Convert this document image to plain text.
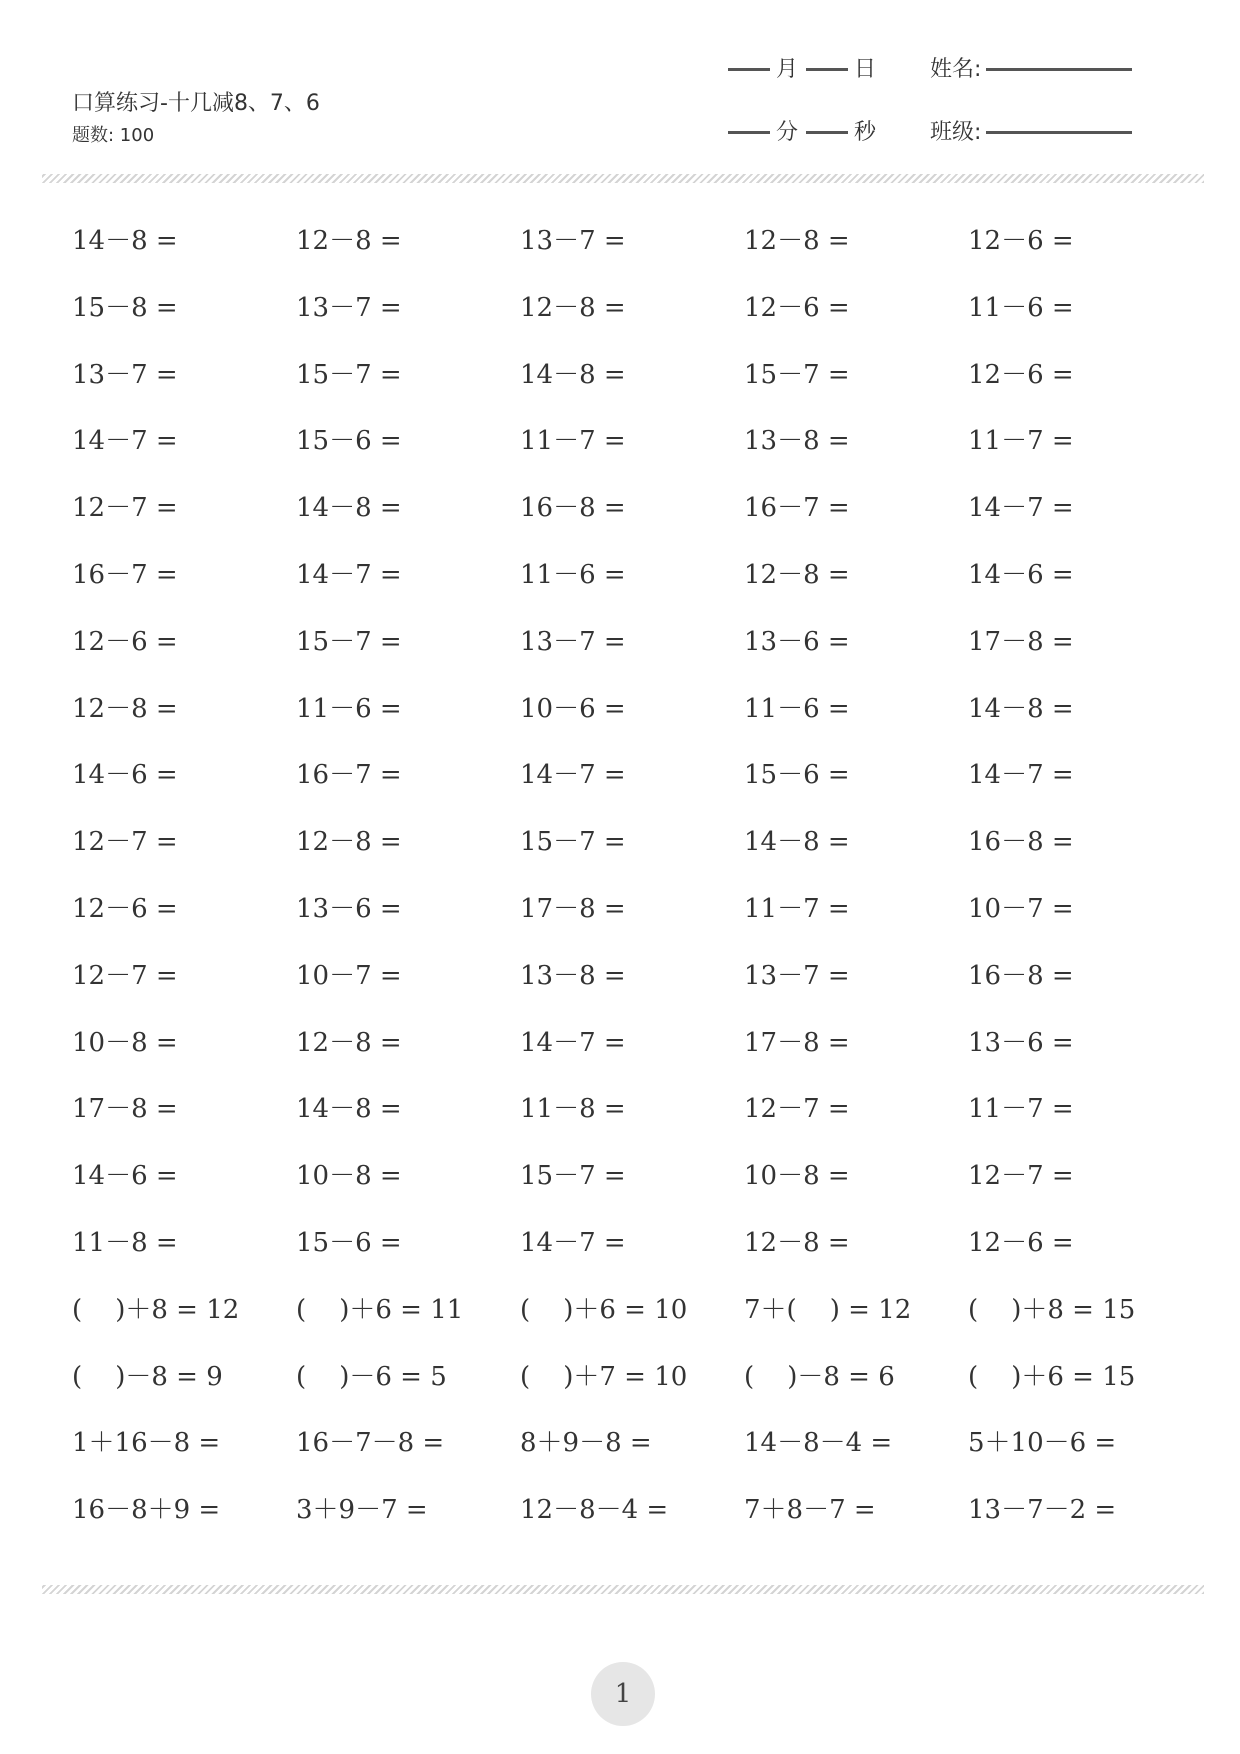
口算练习-十几减8、7、6
题数: 100
月	日 姓名:
分	秒 班级:
14－8 =	12－8 =	13－7 =	12－8 =	12－6 =
15－8 =	13－7 =	12－8 =	12－6 =	11－6 =
13－7 =	15－7 =	14－8 =	15－7 =	12－6 =
14－7 =	15－6 =	11－7 =	13－8 =	11－7 =
12－7 =	14－8 =	16－8 =	16－7 =	14－7 =
16－7 =	14－7 =	11－6 =	12－8 =	14－6 =
12－6 =	15－7 =	13－7 =	13－6 =	17－8 =
12－8 =	11－6 =	10－6 =	11－6 =	14－8 =
14－6 =	16－7 =	14－7 =	15－6 =	14－7 =
12－7 =	12－8 =	15－7 =	14－8 =	16－8 =
12－6 =	13－6 =	17－8 =	11－7 =	10－7 =
12－7 =	10－7 =	13－8 =	13－7 =	16－8 =
10－8 =	12－8 =	14－7 =	17－8 =	13－6 =
17－8 =	14－8 =	11－8 =	12－7 =	11－7 =
14－6 =	10－8 =	15－7 =	10－8 =	12－7 =
11－8 =	15－6 =	14－7 =	12－8 =	12－6 =
(    )＋8 = 12	(    )＋6 = 11	(    )＋6 = 10	7＋(    ) = 12	(    )＋8 = 15
(    )－8 = 9	(    )－6 = 5	(    )＋7 = 10	(    )－8 = 6	(    )＋6 = 15
1＋16－8 =	16－7－8 =	8＋9－8 =	14－8－4 =	5＋10－6 =
16－8＋9 =	3＋9－7 =	12－8－4 =	7＋8－7 =	13－7－2 =
1
